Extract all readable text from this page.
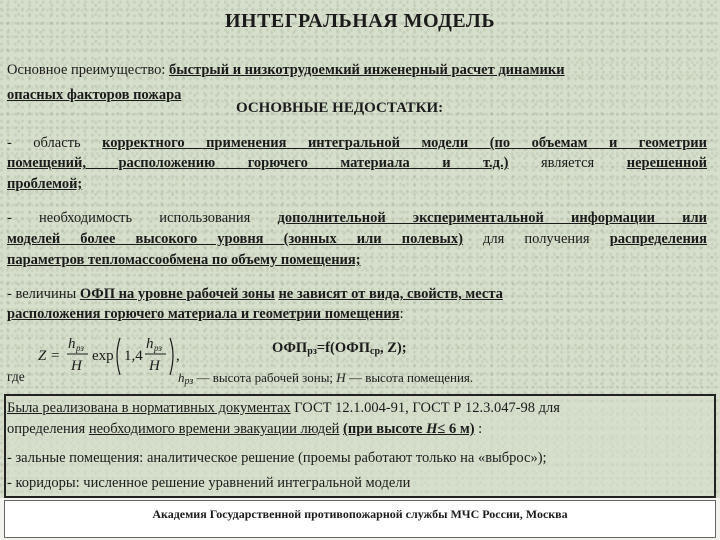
ИНТЕГРАЛЬНАЯ МОДЕЛЬ
Основное преимущество: быстрый и низкотрудоемкий инженерный расчет динамики
опасных факторов пожара
ОСНОВНЫЕ НЕДОСТАТКИ:
- область корректного применения интегральной модели (по объемам и геометрии
помещений, расположению горючего материала и т.д.) является нерешенной
проблемой;
- необходимость использования дополнительной экспериментальной информации или
моделей более высокого уровня (зонных или полевых) для получения распределения
параметров тепломассообмена по объему помещения;
- величины ОФП на уровне рабочей зоны не зависят от вида, свойств, места
расположения горючего материала и геометрии помещения:
Z =
h рз
H
exp 1,4
h рз
H
,	$ОФП_{рз}=f(ОФП_{ср}$, Z);
где	hрз — высота рабочей зоны; H — высота помещения.
Была реализована в нормативных документах ГОСТ 12.1.004-91, ГОСТ Р 12.3.047-98 для
определения необходимого времени эвакуации людей (при высоте H≤ 6 м) :
- зальные помещения: аналитическое решение (проемы работают только на «выброс»);
- коридоры: численное решение уравнений интегральной модели
Академия Государственной противопожарной службы МЧС России, Москва
